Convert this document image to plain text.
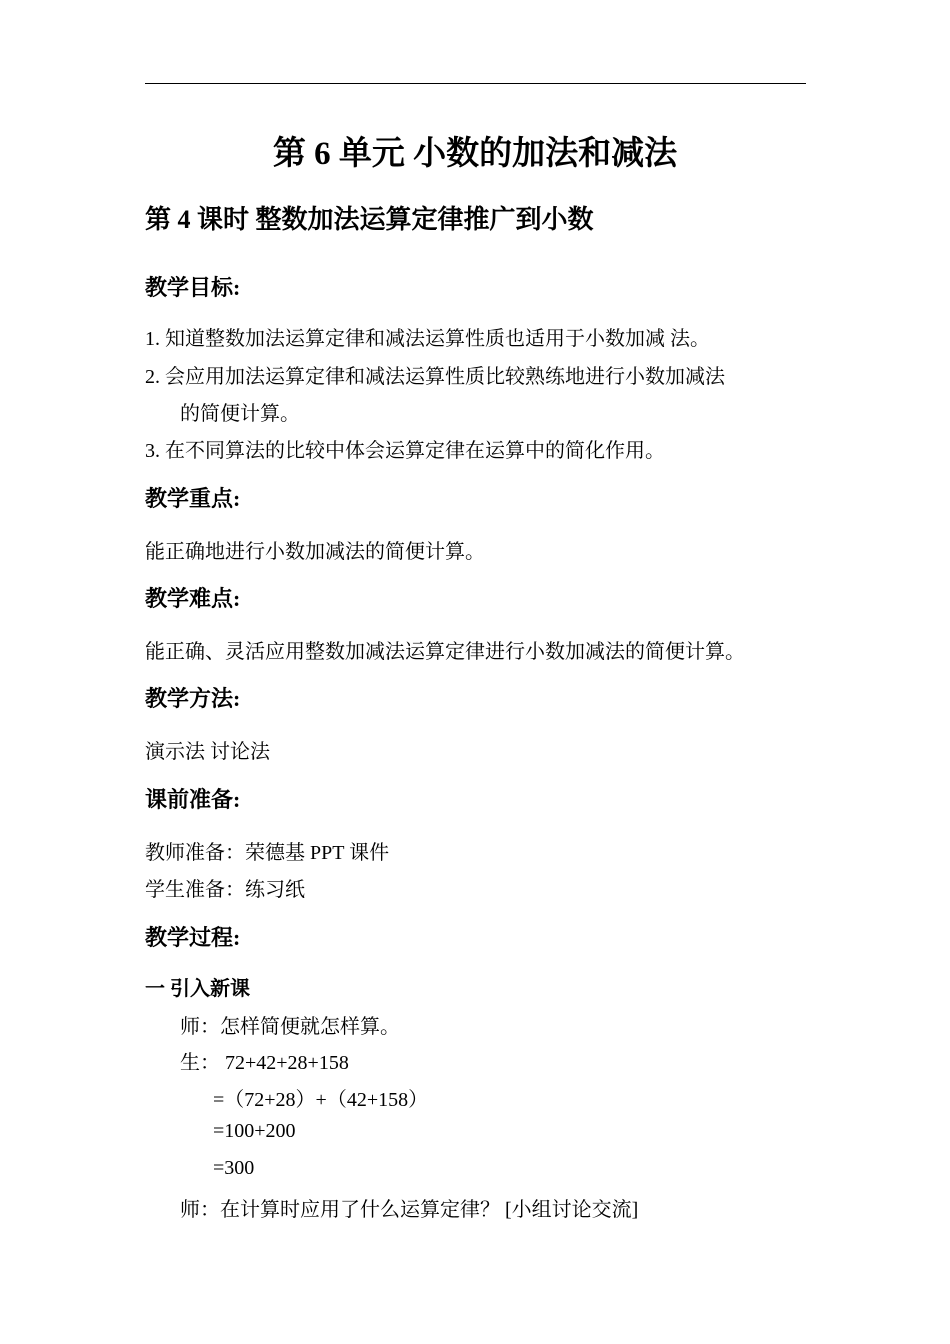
第 6 单元 小数的加法和减法
第 4 课时 整数加法运算定律推广到小数
教学目标:
1. 知道整数加法运算定律和减法运算性质也适用于小数加减 法。
2. 会应用加法运算定律和减法运算性质比较熟练地进行小数加减法
的简便计算。
3. 在不同算法的比较中体会运算定律在运算中的简化作用。
教学重点:
能正确地进行小数加减法的简便计算。
教学难点:
能正确、灵活应用整数加减法运算定律进行小数加减法的简便计算。
教学方法:
演示法 讨论法
课前准备:
教师准备：荣德基 PPT 课件
学生准备：练习纸
教学过程:
一 引入新课
师：怎样简便就怎样算。
生： 72+42+28+158
=（72+28）+（42+158）
=100+200
=300
师：在计算时应用了什么运算定律？ [小组讨论交流]
